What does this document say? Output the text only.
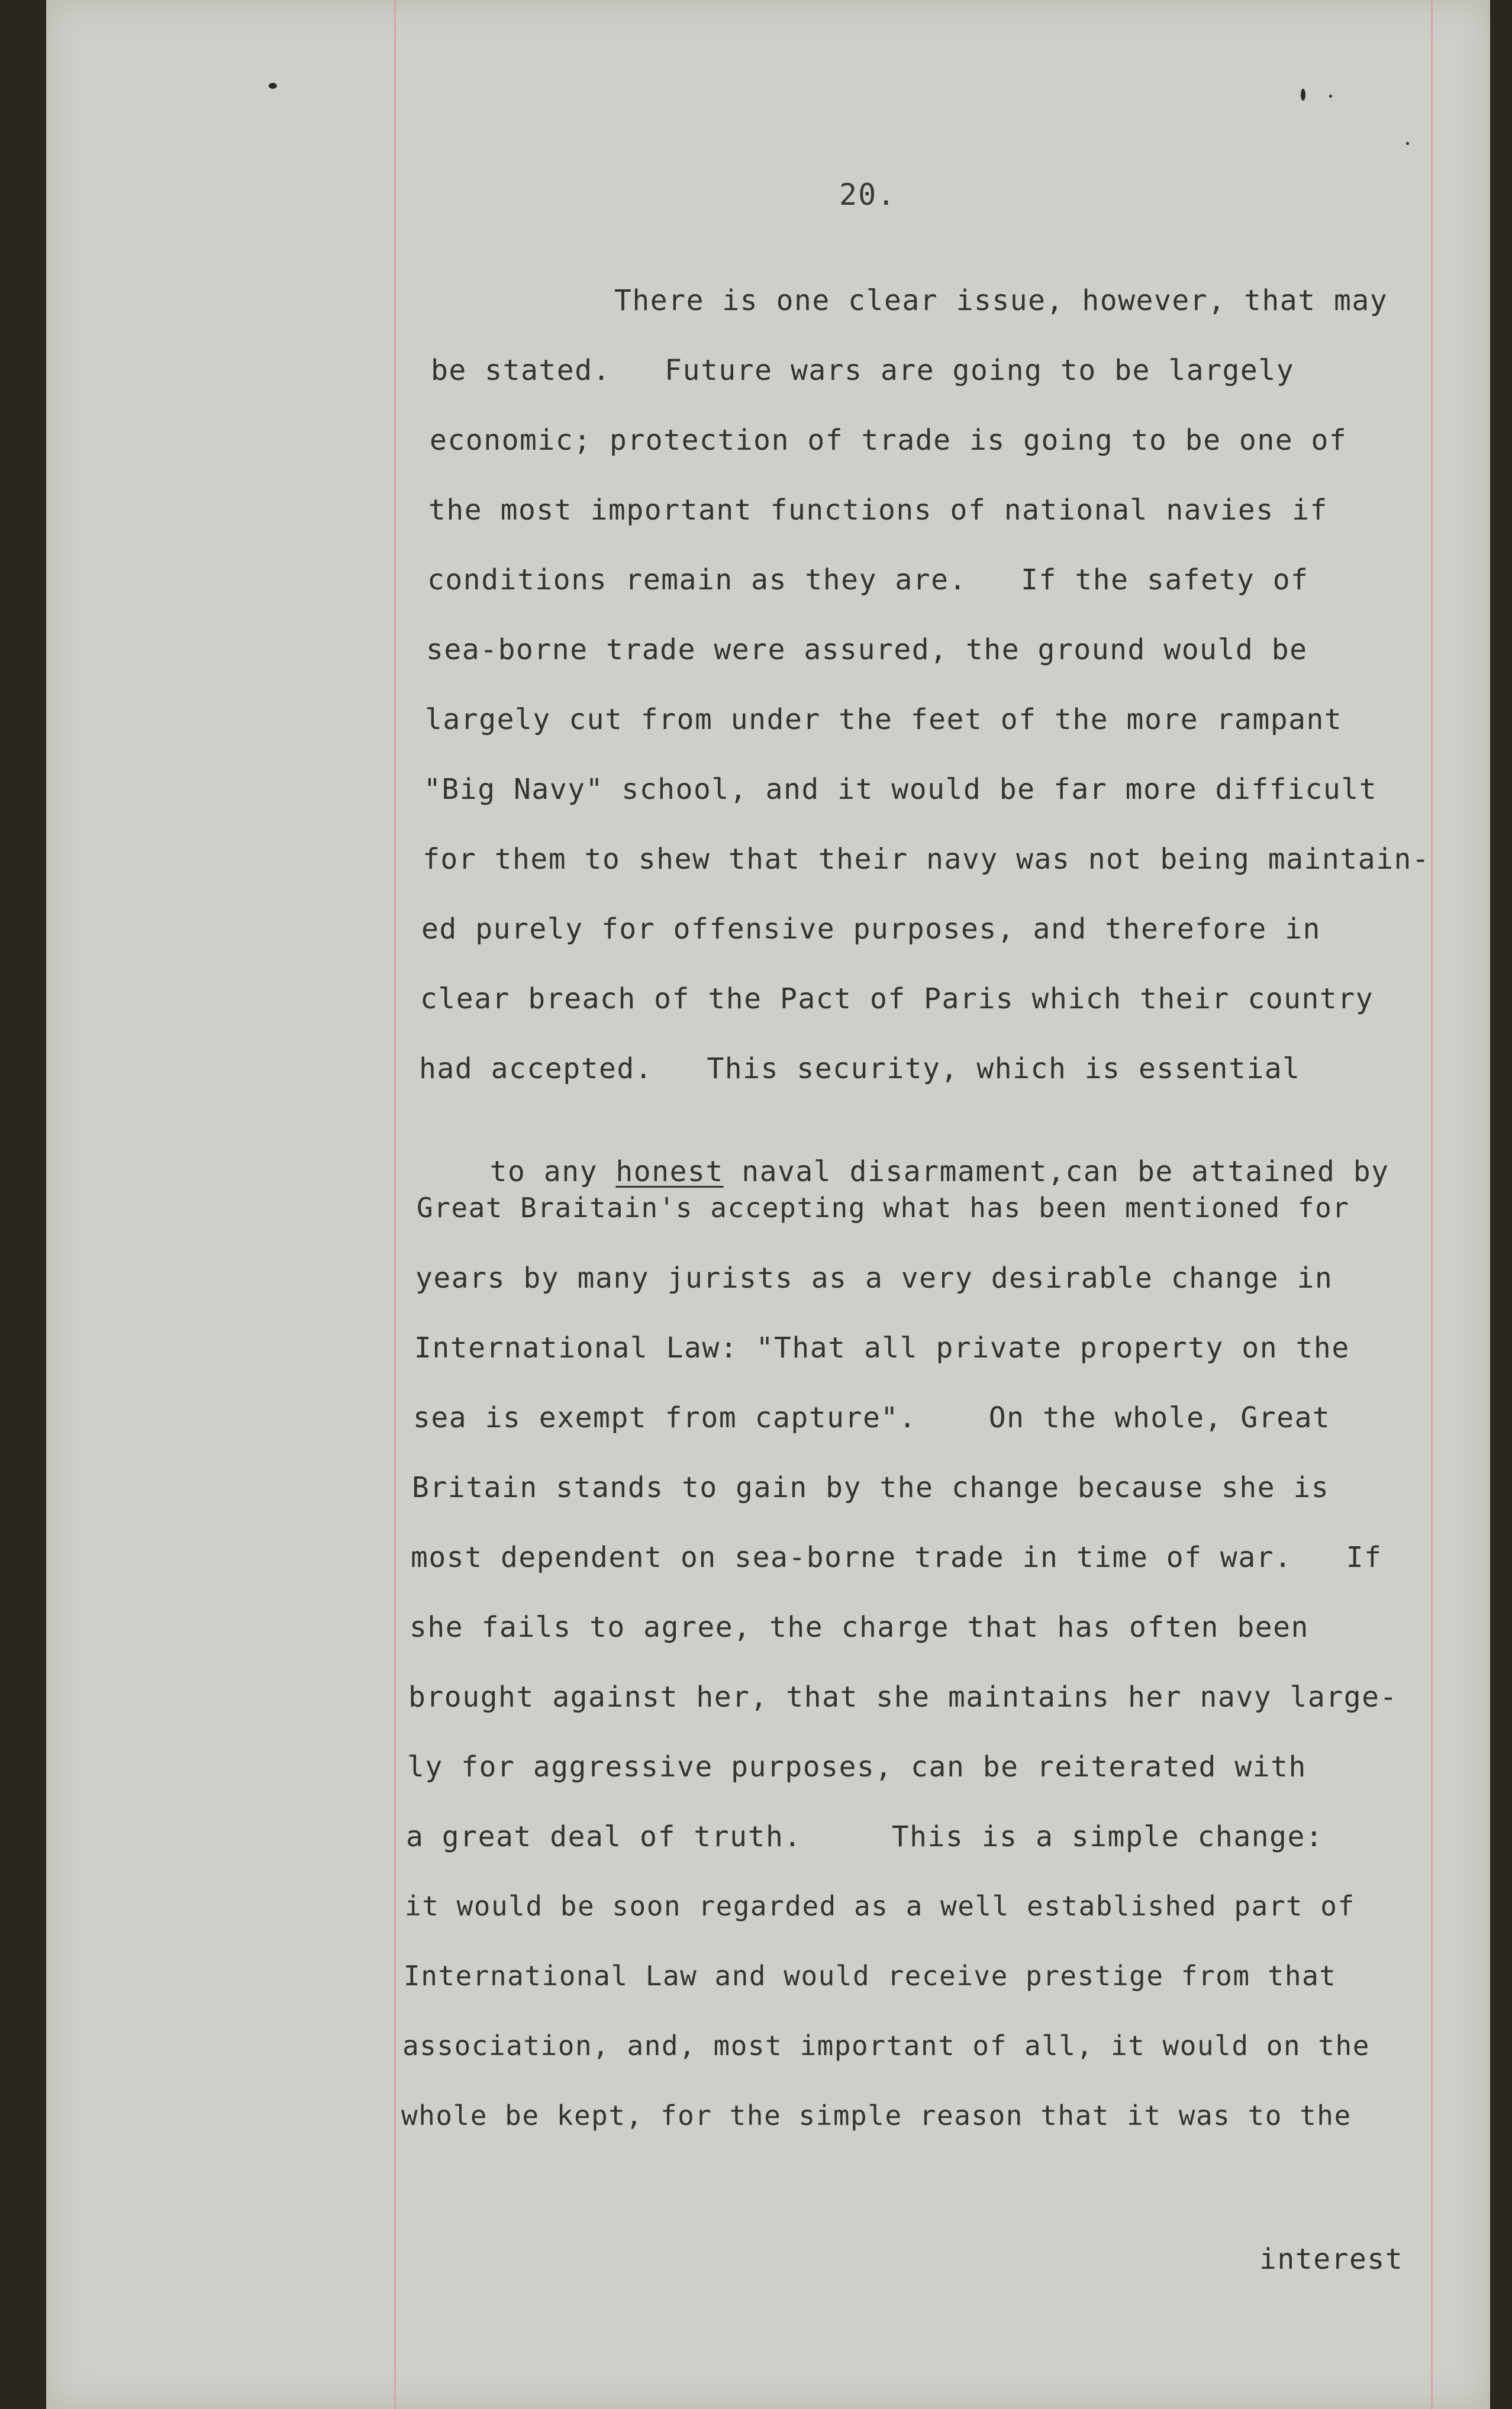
20.
There is one clear issue, however, that may
be stated.   Future wars are going to be largely
economic; protection of trade is going to be one of
the most important functions of national navies if
conditions remain as they are.   If the safety of
sea-borne trade were assured, the ground would be
largely cut from under the feet of the more rampant
"Big Navy" school, and it would be far more difficult
for them to shew that their navy was not being maintain-
ed purely for offensive purposes, and therefore in
clear breach of the Pact of Paris which their country
had accepted.   This security, which is essential

to any honest naval disarmament,can be attained by

Great Braitain's accepting what has been mentioned for
years by many jurists as a very desirable change in
International Law: "That all private property on the
sea is exempt from capture".    On the whole, Great
Britain stands to gain by the change because she is
most dependent on sea-borne trade in time of war.   If
she fails to agree, the charge that has often been
brought against her, that she maintains her navy large-
ly for aggressive purposes, can be reiterated with
a great deal of truth.     This is a simple change:
it would be soon regarded as a well established part of
International Law and would receive prestige from that
association, and, most important of all, it would on the
whole be kept, for the simple reason that it was to the
interest
